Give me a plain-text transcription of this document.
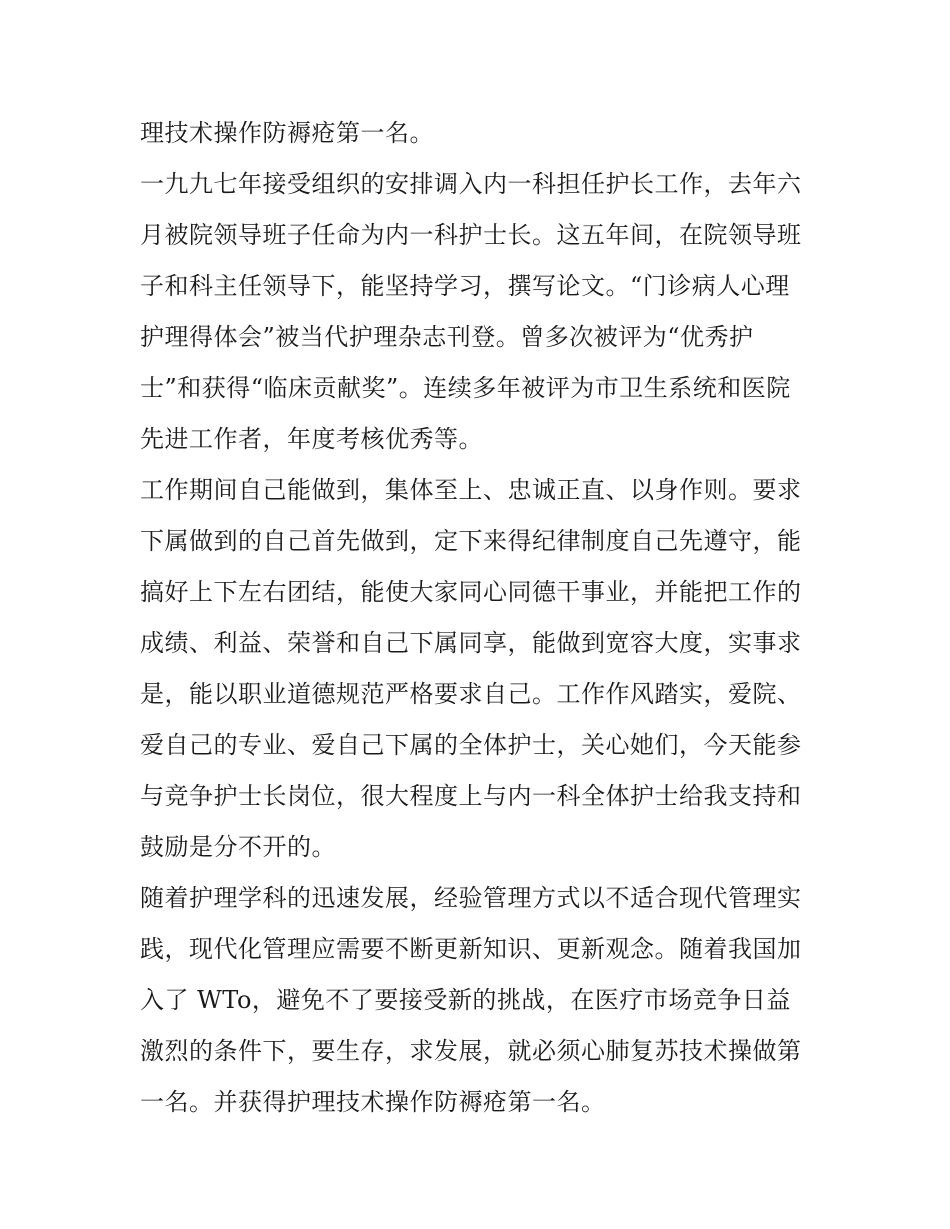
理技术操作防褥疮第一名。
一九九七年接受组织的安排调入内一科担任护长工作，去年六
月被院领导班子任命为内一科护士长。这五年间，在院领导班
子和科主任领导下，能坚持学习，撰写论文。“门诊病人心理
护理得体会”被当代护理杂志刊登。曾多次被评为“优秀护
士”和获得“临床贡献奖”。连续多年被评为市卫生系统和医院
先进工作者，年度考核优秀等。
工作期间自己能做到，集体至上、忠诚正直、以身作则。要求
下属做到的自己首先做到，定下来得纪律制度自己先遵守，能
搞好上下左右团结，能使大家同心同德干事业，并能把工作的
成绩、利益、荣誉和自己下属同享，能做到宽容大度，实事求
是，能以职业道德规范严格要求自己。工作作风踏实，爱院、
爱自己的专业、爱自己下属的全体护士，关心她们，今天能参
与竞争护士长岗位，很大程度上与内一科全体护士给我支持和
鼓励是分不开的。
随着护理学科的迅速发展，经验管理方式以不适合现代管理实
践，现代化管理应需要不断更新知识、更新观念。随着我国加
入了 WTo，避免不了要接受新的挑战，在医疗市场竞争日益
激烈的条件下，要生存，求发展，就必须心肺复苏技术操做第
一名。并获得护理技术操作防褥疮第一名。
